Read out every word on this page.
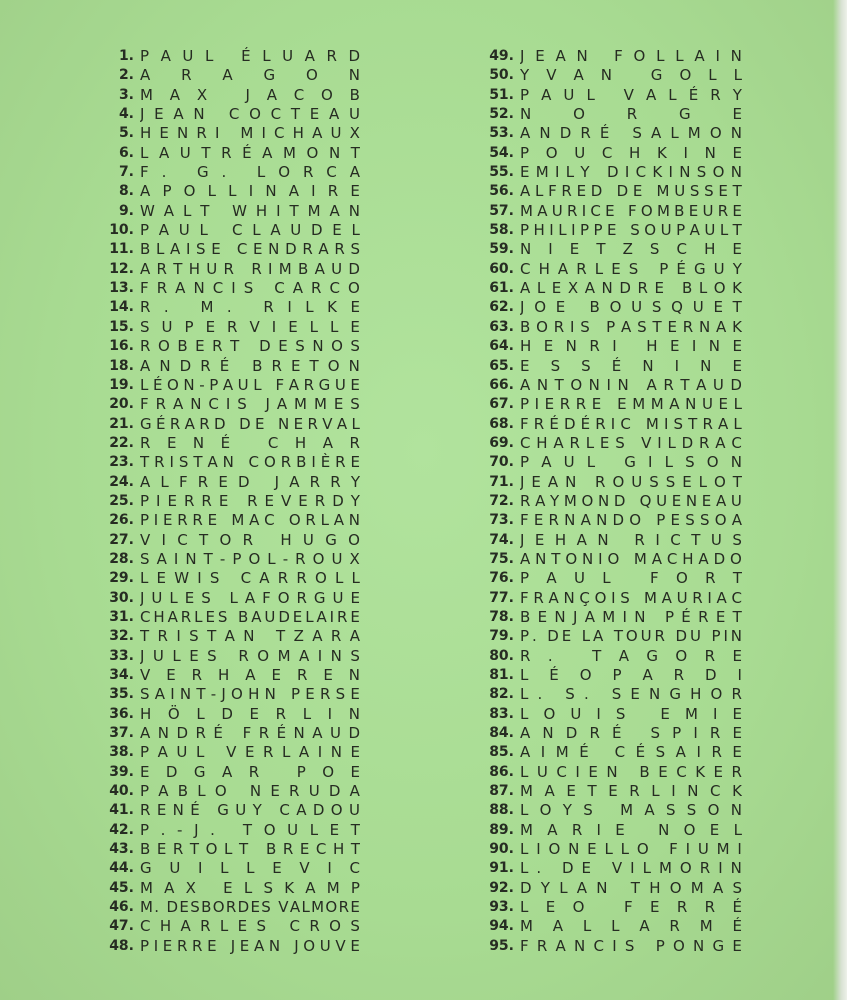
1. P A U L
É L U A R D
2. A R A G O N
3. M A X
	J A C O B
4. J E A N
C O C T E A U
5. H E N R I
M I C H A U X
6. L A U T R É A M O N T
7. F .
G .
L O R C A
8. A P O L L I N A I R E
9. W A L T
W H I T M A N
10. P A U L
C L A U D E L
11. B L A I S E
C E N D R A R S
12. A R T H U R
R I M B A U D
13. F R A N C I S
C A R C O
14. R .
M .
R I L K E
15. S U P E R V I E L L E
16. R O B E R T
D E S N O S
18. A N D R É
B R E T O N
19. L É O N - P A U L
F A R G U E
20. F R A N C I S
J A M M E S
21. G É R A R D
D E
N E R V A L
22. R E N É
	C H A R
23. T R I S T A N
C O R B I È R E
24. A L F R E D
J A R R Y
25. P I E R R E
R E V E R D Y
26. P I E R R E
M A C
O R L A N
27. V I C T O R
H U G O
28. S A I N T - P O L - R O U X
29. L E W I S
C A R R O L L
30. J U L E S
L A F O R G U E
31. C H A R L E S
B A U D E L A I R E
32. T R I S T A N
T Z A R A
33. J U L E S
R O M A I N S
34. V E R H A E R E N
35. S A I N T - J O H N
P E R S E
36. H Ö L D E R L I N
37. A N D R É
F R É N A U D
38. P A U L
V E R L A I N E
39. E D G A R
	P O E
40. P A B L O
N E R U D A
41. R E N É
G U Y
C A D O U
42. P . - J .
T O U L E T
43. B E R T O L T
B R E C H T
44. G U I L L E V I C
45. M A X
E L S K A M P
46. M .
D E S B O R D E S
V A L M O R E
47. C H A R L E S
C R O S
48. P I E R R E
J E A N
J O U V E
49. J E A N
F O L L A I N
50. Y V A N
	G O L L
51. P A U L
V A L É R Y
52. N	O	R	G	E
53. A N D R É
S A L M O N
54. P O U C H K I N E
55. E M I L Y
D I C K I N S O N
56. A L F R E D
D E
M U S S E T
57. M A U R I C E
F O M B E U R E
58. P H I L I P P E
S O U P A U L T
59. N I E T Z S C H E
60. C H A R L E S
P É G U Y
61. A L E X A N D R E
B L O K
62. J O E
B O U S Q U E T
63. B O R I S
P A S T E R N A K
64. H E N R I
H E I N E
65. E S S É N I N E
66. A N T O N I N
A R T A U D
67. P I E R R E
E M M A N U E L
68. F R É D É R I C
M I S T R A L
69. C H A R L E S
V I L D R A C
70. P A U L
G I L S O N
71. J E A N
R O U S S E L O T
72. R A Y M O N D
Q U E N E A U
73. F E R N A N D O
P E S S O A
74. J E H A N
R I C T U S
75. A N T O N I O
M A C H A D O
76. P A U L
	F O R T
77. F R A N Ç O I S
M A U R I A C
78. B E N J A M I N
P É R E T
79. P .
D E
L A
T O U R
D U
P I N
80. R .
	T A G O R E
81. L É O P A R D I
82. L .
S .
S E N G H O R
83. L O U I S
E M I E
84. A N D R É
S P I R E
85. A I M É
C É S A I R E
86. L U C I E N
B E C K E R
87. M A E T E R L I N C K
88. L O Y S
M A S S O N
89. M A R I E
N O E L
90. L I O N E L L O
F I U M I
91. L .
D E
V I L M O R I N
92. D Y L A N
T H O M A S
93. L E O
	F E R R É
94. M A L L A R M É
95. F R A N C I S
P O N G E
